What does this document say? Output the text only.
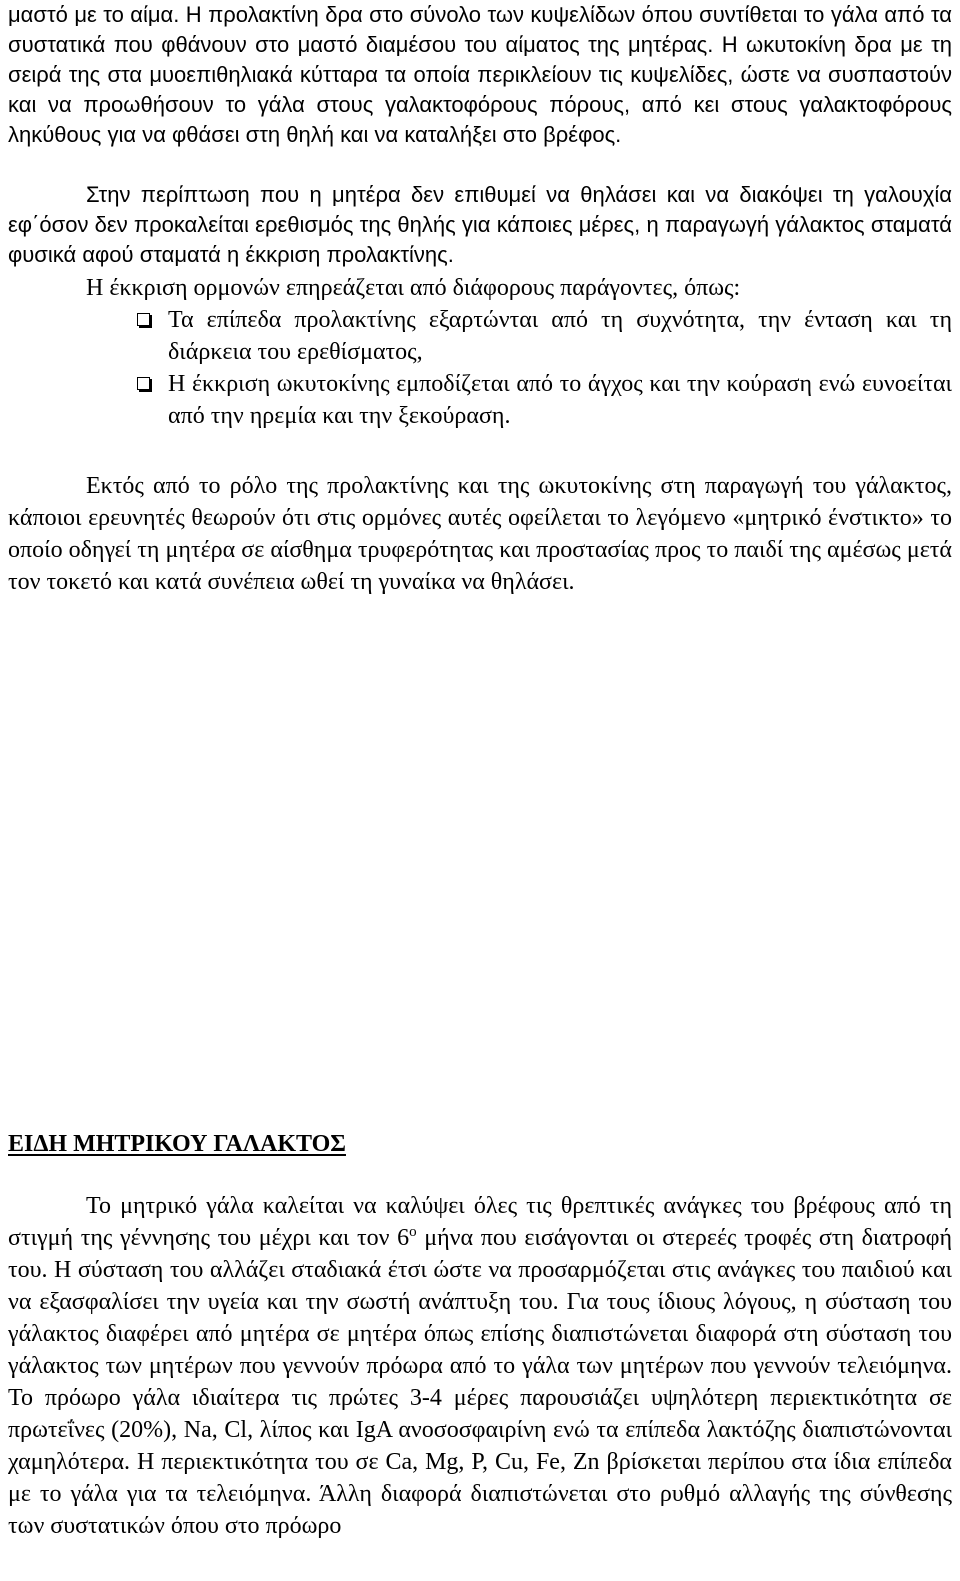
μαστό με το αίμα. Η προλακτίνη δρα στο σύνολο των κυψελίδων όπου συντίθεται το γάλα από τα συστατικά που φθάνουν στο μαστό διαμέσου του αίματος της μητέρας. Η ωκυτοκίνη δρα με τη σειρά της στα μυοεπιθηλιακά κύτταρα τα οποία περικλείουν τις κυψελίδες, ώστε να συσπαστούν και να προωθήσουν το γάλα στους γαλακτοφόρους πόρους, από κει στους γαλακτοφόρους ληκύθους για να φθάσει στη θηλή και να καταλήξει στο βρέφος.

Στην περίπτωση που η μητέρα δεν επιθυμεί να θηλάσει και να διακόψει τη γαλουχία εφ΄όσον δεν προκαλείται ερεθισμός της θηλής για κάποιες μέρες, η παραγωγή γάλακτος σταματά φυσικά αφού σταματά η έκκριση προλακτίνης.

Η έκκριση ορμονών επηρεάζεται από διάφορους παράγοντες, όπως:

Τα επίπεδα προλακτίνης εξαρτώνται από τη συχνότητα, την ένταση και τη διάρκεια του ερεθίσματος,
Η έκκριση ωκυτοκίνης εμποδίζεται από το άγχος και την κούραση ενώ ευνοείται από την ηρεμία και την ξεκούραση.

Εκτός από το ρόλο της προλακτίνης και της ωκυτοκίνης στη παραγωγή του γάλακτος, κάποιοι ερευνητές θεωρούν ότι στις ορμόνες αυτές οφείλεται το λεγόμενο «μητρικό ένστικτο» το οποίο οδηγεί τη μητέρα σε αίσθημα τρυφερότητας και προστασίας προς το παιδί της αμέσως μετά τον τοκετό και κατά συνέπεια ωθεί τη γυναίκα να θηλάσει.

ΕΙΔΗ ΜΗΤΡΙΚΟΥ ΓΑΛΑΚΤΟΣ

Το μητρικό γάλα καλείται να καλύψει όλες τις θρεπτικές ανάγκες του βρέφους από τη στιγμή της γέννησης του μέχρι και τον $6^o$ μήνα που εισάγονται οι στερεές τροφές στη διατροφή του. Η σύσταση του αλλάζει σταδιακά έτσι ώστε να προσαρμόζεται στις ανάγκες του παιδιού και να εξασφαλίσει την υγεία και την σωστή ανάπτυξη του. Για τους ίδιους λόγους, η σύσταση του γάλακτος διαφέρει από μητέρα σε μητέρα όπως επίσης διαπιστώνεται διαφορά στη σύσταση του γάλακτος των μητέρων που γεννούν πρόωρα από το γάλα των μητέρων που γεννούν τελειόμηνα. Το πρόωρο γάλα ιδιαίτερα τις πρώτες 3-4 μέρες παρουσιάζει υψηλότερη περιεκτικότητα σε πρωτεΐνες (20%), Na, Cl, λίπος και IgA ανοσοσφαιρίνη ενώ τα επίπεδα λακτόζης διαπιστώνονται χαμηλότερα. Η περιεκτικότητα του σε Ca, Mg, P, Cu, Fe, Zn βρίσκεται περίπου στα ίδια επίπεδα με το γάλα για τα τελειόμηνα. Άλλη διαφορά διαπιστώνεται στο ρυθμό αλλαγής της σύνθεσης των συστατικών όπου στο πρόωρο
